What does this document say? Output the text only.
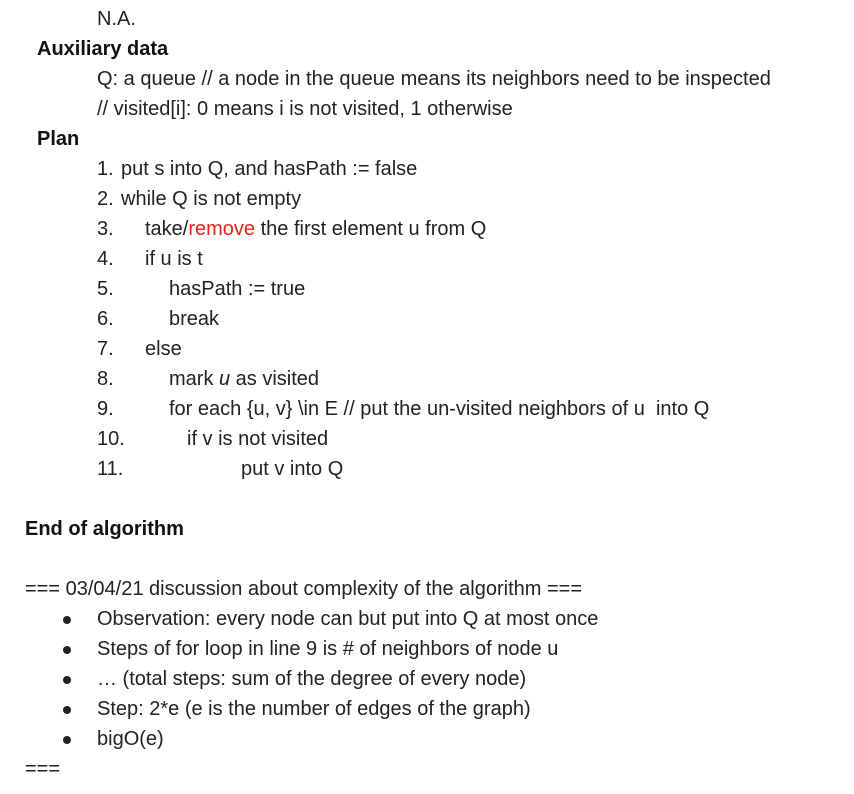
N.A.
Auxiliary data
Q: a queue // a node in the queue means its neighbors need to be inspected
// visited[i]: 0 means i is not visited, 1 otherwise
Plan
1. put s into Q, and hasPath := false
2. while Q is not empty
3. take/remove the first element u from Q
4. if u is t
5.	hasPath := true
6.	break
7. else
8.	mark u as visited
9.	for each {u, v} \in E // put the un-visited neighbors of u  into Q
10.	if v is not visited
11.	put v into Q
End of algorithm
=== 03/04/21 discussion about complexity of the algorithm ===
Observation: every node can but put into Q at most once
Steps of for loop in line 9 is # of neighbors of node u
… (total steps: sum of the degree of every node)
Step: 2*e (e is the number of edges of the graph)
bigO(e)
===
